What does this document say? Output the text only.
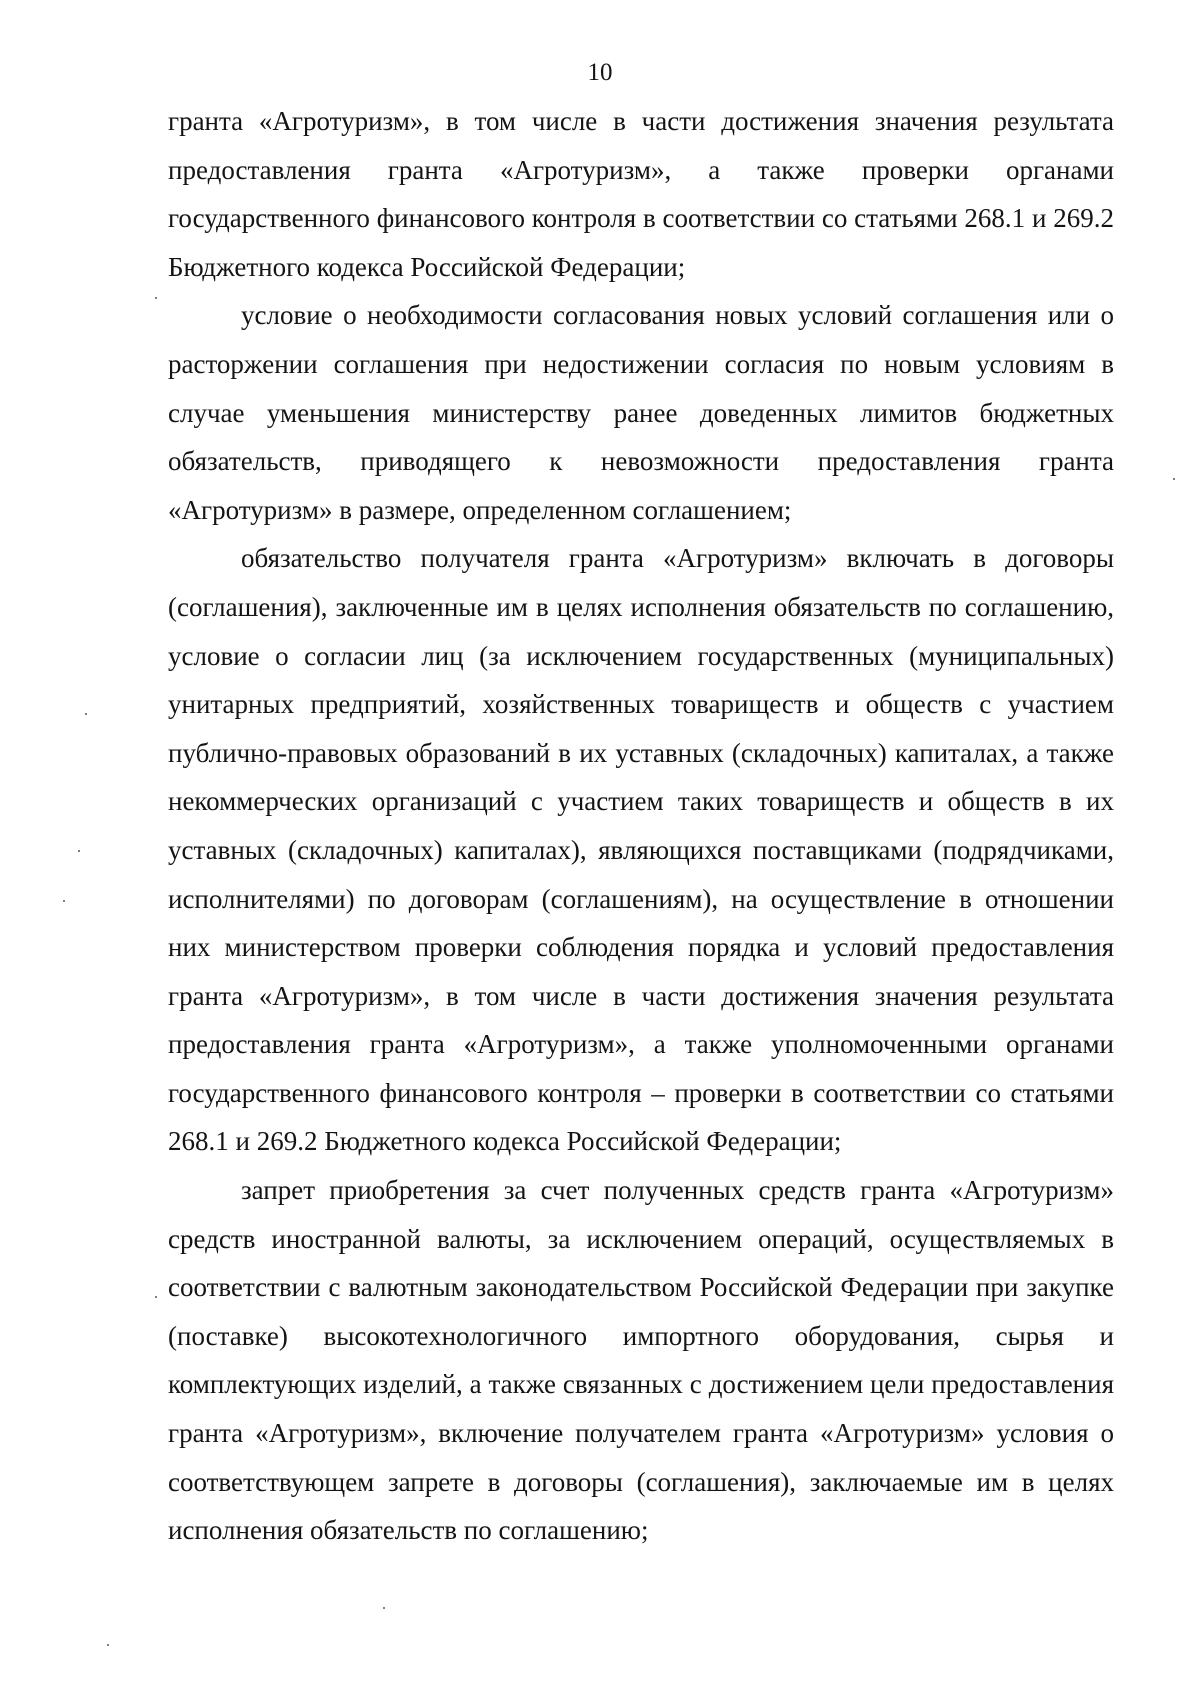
10

гранта «Агротуризм», в том числе в части достижения значения результата предоставления гранта «Агротуризм», а также проверки органами государственного финансового контроля в соответствии со статьями 268.1 и 269.2 Бюджетного кодекса Российской Федерации;

условие о необходимости согласования новых условий соглашения или о расторжении соглашения при недостижении согласия по новым условиям в случае уменьшения министерству ранее доведенных лимитов бюджетных обязательств, приводящего к невозможности предоставления гранта «Агротуризм» в размере, определенном соглашением;

обязательство получателя гранта «Агротуризм» включать в договоры (соглашения), заключенные им в целях исполнения обязательств по соглашению, условие о согласии лиц (за исключением государственных (муниципальных) унитарных предприятий, хозяйственных товариществ и обществ с участием публично-правовых образований в их уставных (складочных) капиталах, а также некоммерческих организаций с участием таких товариществ и обществ в их уставных (складочных) капиталах), являющихся поставщиками (подрядчиками, исполнителями) по договорам (соглашениям), на осуществление в отношении них министерством проверки соблюдения порядка и условий предоставления гранта «Агротуризм», в том числе в части достижения значения результата предоставления гранта «Агротуризм», а также уполномоченными органами государственного финансового контроля – проверки в соответствии со статьями 268.1 и 269.2 Бюджетного кодекса Российской Федерации;

запрет приобретения за счет полученных средств гранта «Агротуризм» средств иностранной валюты, за исключением операций, осуществляемых в соответствии с валютным законодательством Российской Федерации при закупке (поставке) высокотехнологичного импортного оборудования, сырья и комплектующих изделий, а также связанных с достижением цели предоставления гранта «Агротуризм», включение получателем гранта «Агротуризм» условия о соответствующем запрете в договоры (соглашения), заключаемые им в целях исполнения обязательств по соглашению;
